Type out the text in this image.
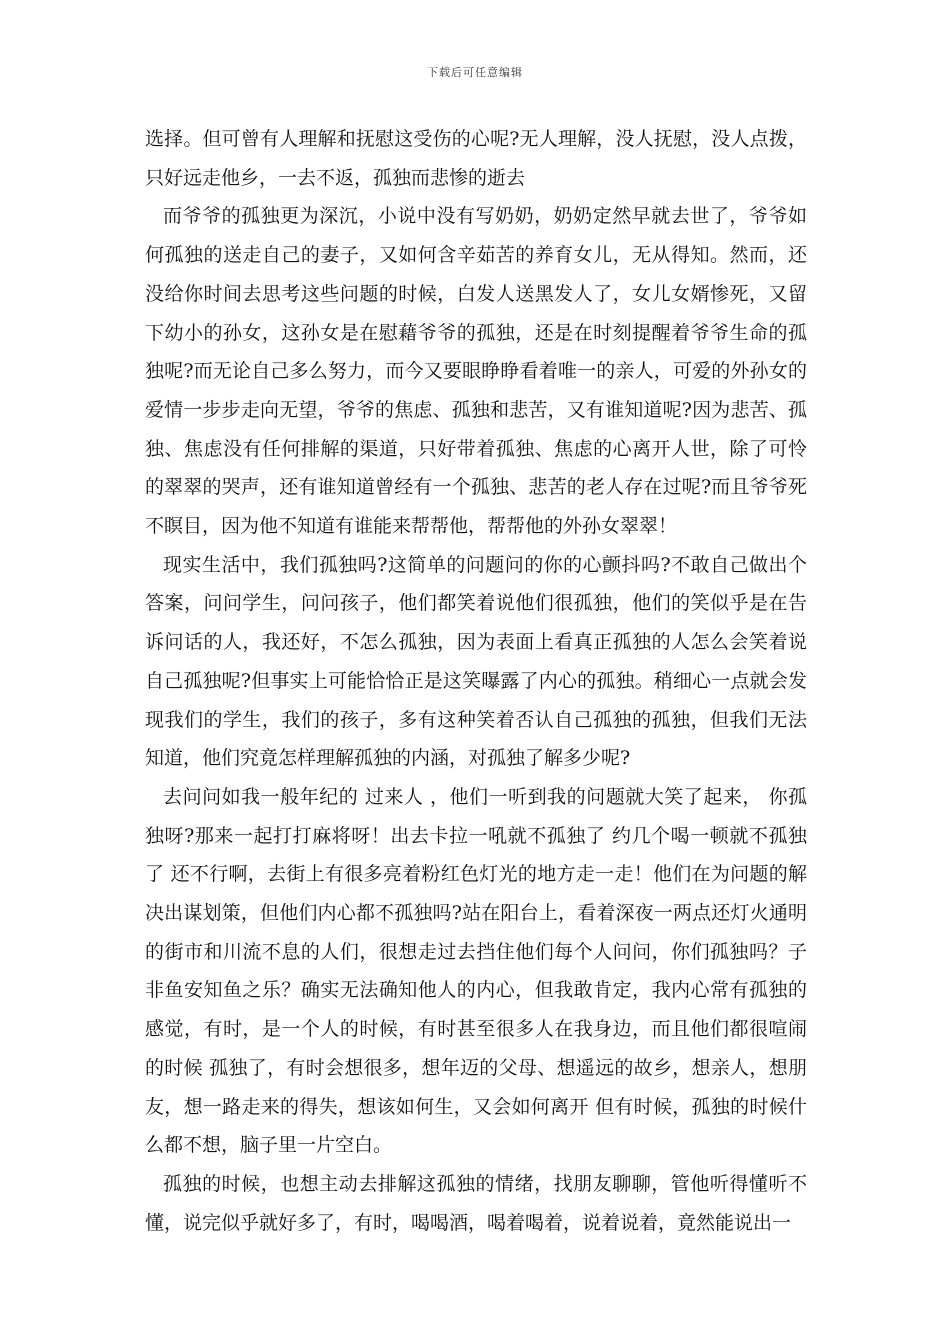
下载后可任意编辑

选择。但可曾有人理解和抚慰这受伤的心呢?无人理解，没人抚慰，没人点拨，只好远走他乡，一去不返，孤独而悲惨的逝去

而爷爷的孤独更为深沉，小说中没有写奶奶，奶奶定然早就去世了，爷爷如何孤独的送走自己的妻子，又如何含辛茹苦的养育女儿，无从得知。然而，还没给你时间去思考这些问题的时候，白发人送黑发人了，女儿女婿惨死，又留下幼小的孙女，这孙女是在慰藉爷爷的孤独，还是在时刻提醒着爷爷生命的孤独呢?而无论自己多么努力，而今又要眼睁睁看着唯一的亲人，可爱的外孙女的爱情一步步走向无望，爷爷的焦虑、孤独和悲苦，又有谁知道呢?因为悲苦、孤独、焦虑没有任何排解的渠道，只好带着孤独、焦虑的心离开人世，除了可怜的翠翠的哭声，还有谁知道曾经有一个孤独、悲苦的老人存在过呢?而且爷爷死不瞑目，因为他不知道有谁能来帮帮他，帮帮他的外孙女翠翠！

现实生活中，我们孤独吗?这简单的问题问的你的心颤抖吗?不敢自己做出个答案，问问学生，问问孩子，他们都笑着说他们很孤独，他们的笑似乎是在告诉问话的人，我还好，不怎么孤独，因为表面上看真正孤独的人怎么会笑着说自己孤独呢?但事实上可能恰恰正是这笑曝露了内心的孤独。稍细心一点就会发现我们的学生，我们的孩子，多有这种笑着否认自己孤独的孤独，但我们无法知道，他们究竟怎样理解孤独的内涵，对孤独了解多少呢?

去问问如我一般年纪的 过来人 ，他们一听到我的问题就大笑了起来， 你孤独呀?那来一起打打麻将呀！出去卡拉一吼就不孤独了 约几个喝一顿就不孤独了 还不行啊，去街上有很多亮着粉红色灯光的地方走一走！他们在为问题的解决出谋划策，但他们内心都不孤独吗?站在阳台上，看着深夜一两点还灯火通明的街市和川流不息的人们，很想走过去挡住他们每个人问问，你们孤独吗？子非鱼安知鱼之乐？确实无法确知他人的内心，但我敢肯定，我内心常有孤独的感觉，有时，是一个人的时候，有时甚至很多人在我身边，而且他们都很喧闹的时候 孤独了，有时会想很多，想年迈的父母、想遥远的故乡，想亲人，想朋友，想一路走来的得失，想该如何生，又会如何离开 但有时候，孤独的时候什么都不想，脑子里一片空白。

孤独的时候，也想主动去排解这孤独的情绪，找朋友聊聊，管他听得懂听不懂，说完似乎就好多了，有时，喝喝酒，喝着喝着，说着说着，竟然能说出一
